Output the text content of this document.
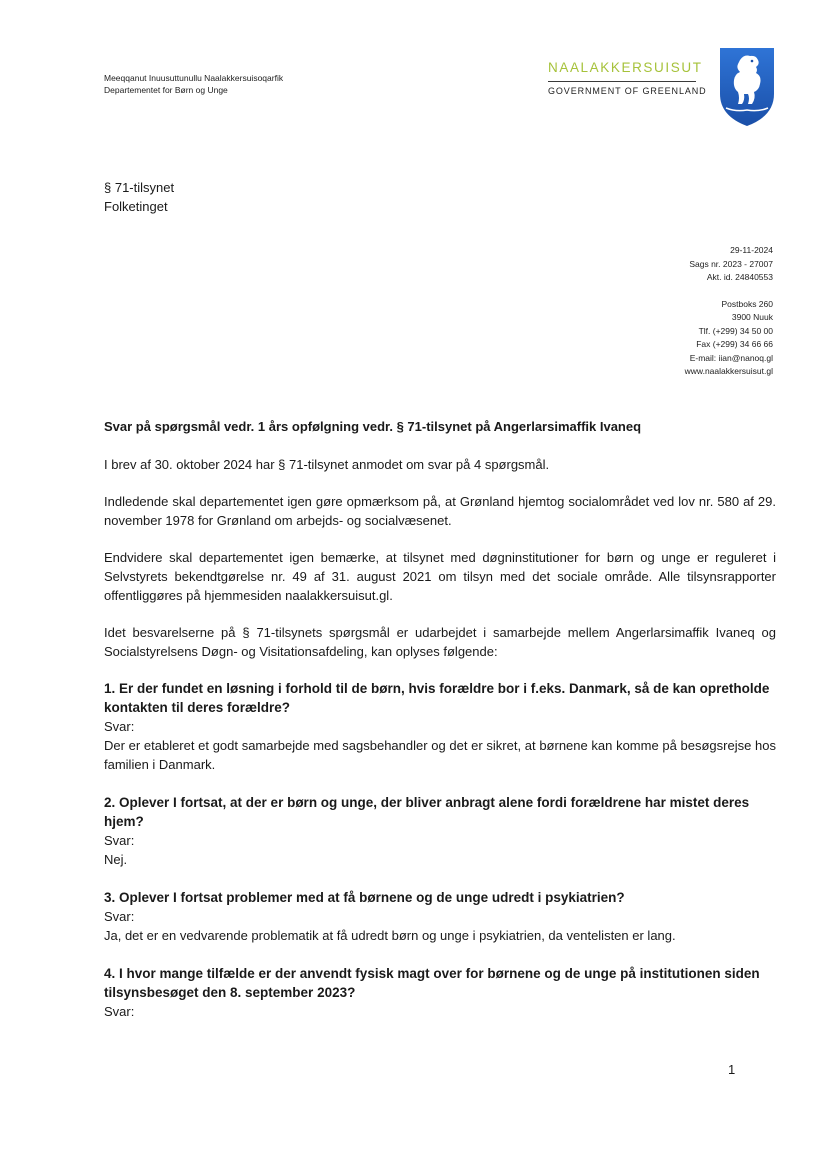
Meeqqanut Inuusuttunullu Naalakkersuisoqarfik
Departementet for Børn og Unge
NAALAKKERSUISUT
GOVERNMENT OF GREENLAND
§ 71-tilsynet
Folketinget
29-11-2024
Sags nr. 2023 - 27007
Akt. id. 24840553
Postboks 260
3900 Nuuk
Tlf. (+299) 34 50 00
Fax (+299) 34 66 66
E-mail: iian@nanoq.gl
www.naalakkersuisut.gl
Svar på spørgsmål vedr. 1 års opfølgning vedr. § 71-tilsynet på Angerlarsimaffik Ivaneq

I brev af 30. oktober 2024 har § 71-tilsynet anmodet om svar på 4 spørgsmål.

Indledende skal departementet igen gøre opmærksom på, at Grønland hjemtog socialområdet ved lov nr. 580 af 29. november 1978 for Grønland om arbejds- og socialvæsenet.

Endvidere skal departementet igen bemærke, at tilsynet med døgninstitutioner for børn og unge er reguleret i Selvstyrets bekendtgørelse nr. 49 af 31. august 2021 om tilsyn med det sociale område. Alle tilsynsrapporter offentliggøres på hjemmesiden naalakkersuisut.gl.

Idet besvarelserne på § 71-tilsynets spørgsmål er udarbejdet i samarbejde mellem Angerlarsimaffik Ivaneq og Socialstyrelsens Døgn- og Visitationsafdeling, kan oplyses følgende:

1. Er der fundet en løsning i forhold til de børn, hvis forældre bor i f.eks. Danmark, så de kan opretholde kontakten til deres forældre?
Svar:
Der er etableret et godt samarbejde med sagsbehandler og det er sikret, at børnene kan komme på besøgsrejse hos familien i Danmark.
2. Oplever I fortsat, at der er børn og unge, der bliver anbragt alene fordi forældrene har mistet deres hjem?
Svar:
Nej.
3. Oplever I fortsat problemer med at få børnene og de unge udredt i psykiatrien?
Svar:
Ja, det er en vedvarende problematik at få udredt børn og unge i psykiatrien, da ventelisten er lang.
4. I hvor mange tilfælde er der anvendt fysisk magt over for børnene og de unge på institutionen siden tilsynsbesøget den 8. september 2023?
Svar:
1
